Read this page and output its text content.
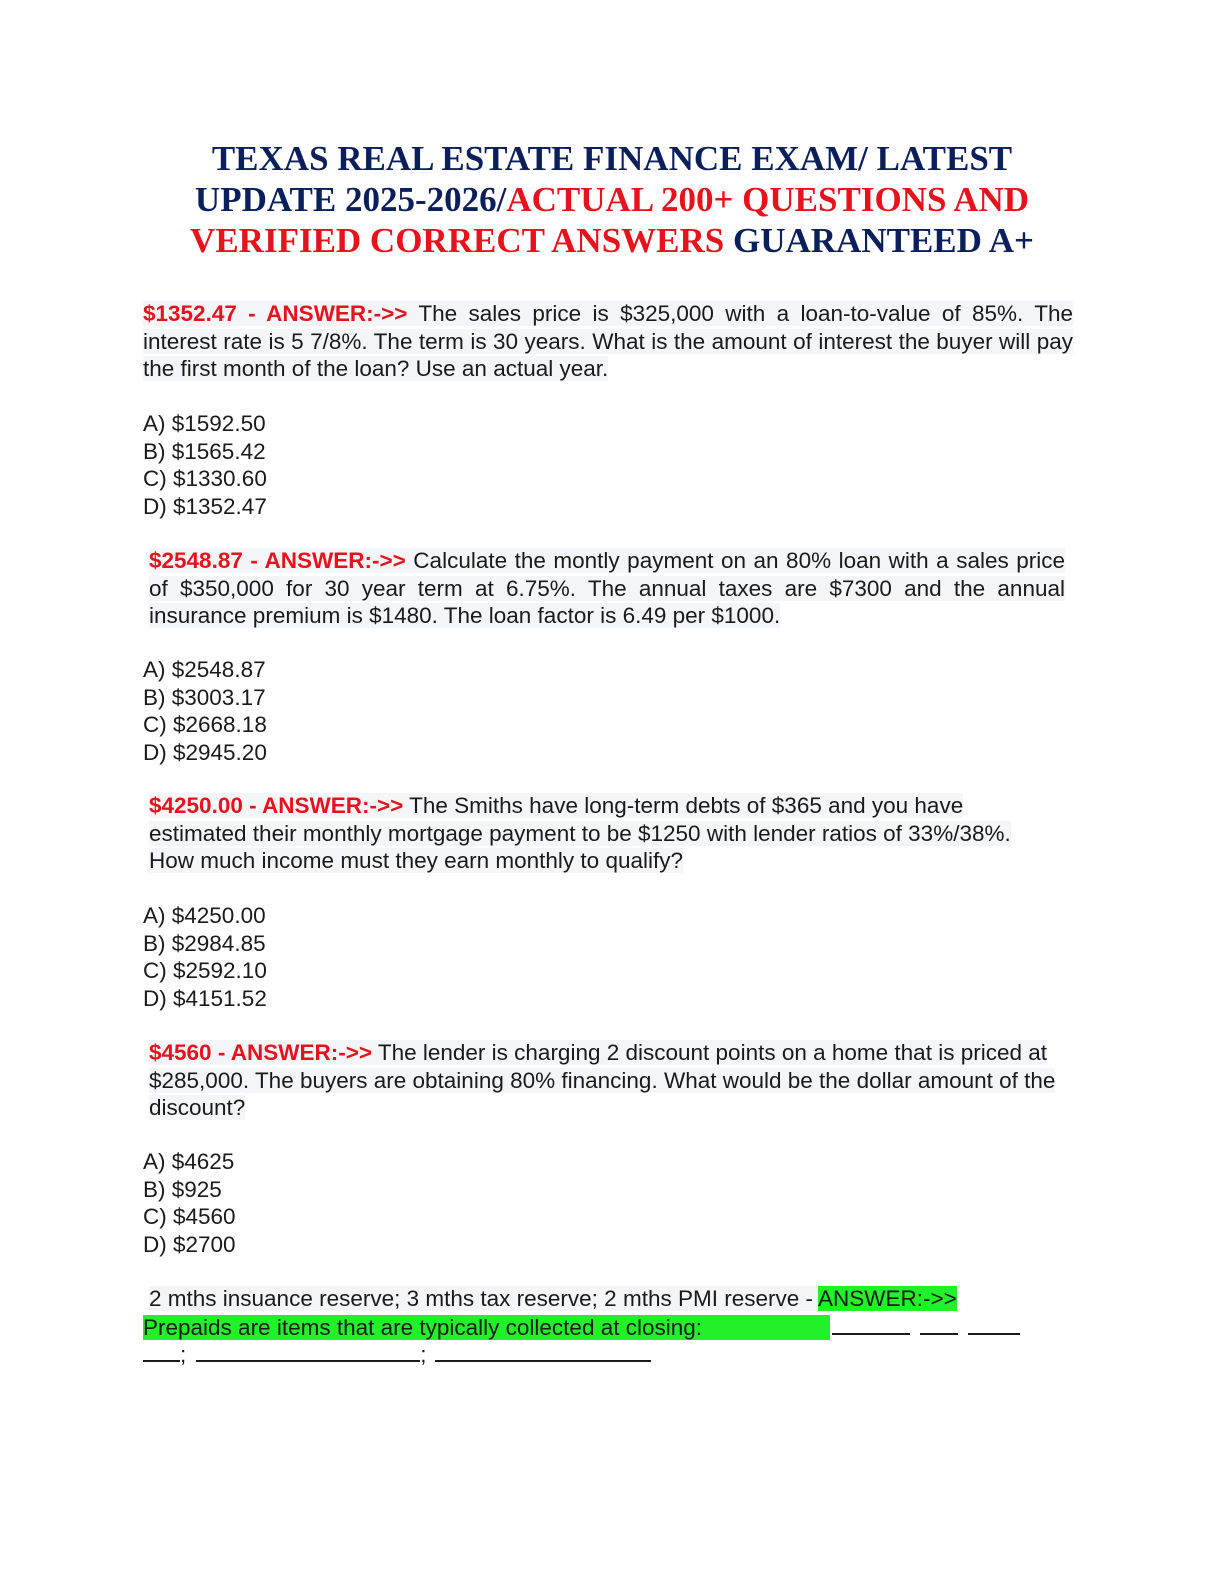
TEXAS REAL ESTATE FINANCE EXAM/ LATEST
UPDATE 2025-2026/ACTUAL 200+ QUESTIONS AND
VERIFIED CORRECT ANSWERS GUARANTEED A+
$1352.47 - ANSWER:->> The sales price is $325,000 with a loan-to-value of 85%. The interest rate is 5 7/8%. The term is 30 years. What is the amount of interest the buyer will pay the first month of the loan? Use an actual year.
A) $1592.50
B) $1565.42
C) $1330.60
D) $1352.47
$2548.87 - ANSWER:->> Calculate the montly payment on an 80% loan with a sales price of $350,000 for 30 year term at 6.75%. The annual taxes are $7300 and the annual insurance premium is $1480. The loan factor is 6.49 per $1000.
A) $2548.87
B) $3003.17
C) $2668.18
D) $2945.20
$4250.00 - ANSWER:->> The Smiths have long-term debts of $365 and you have estimated their monthly mortgage payment to be $1250 with lender ratios of 33%/38%. How much income must they earn monthly to qualify?
A) $4250.00
B) $2984.85
C) $2592.10
D) $4151.52
$4560 - ANSWER:->> The lender is charging 2 discount points on a home that is priced at $285,000. The buyers are obtaining 80% financing. What would be the dollar amount of the discount?
A) $4625
B) $925
C) $4560
D) $2700
2 mths insuance reserve; 3 mths tax reserve; 2 mths PMI reserve - ANSWER:->>
Prepaids are items that are typically collected at closing:
;	;
